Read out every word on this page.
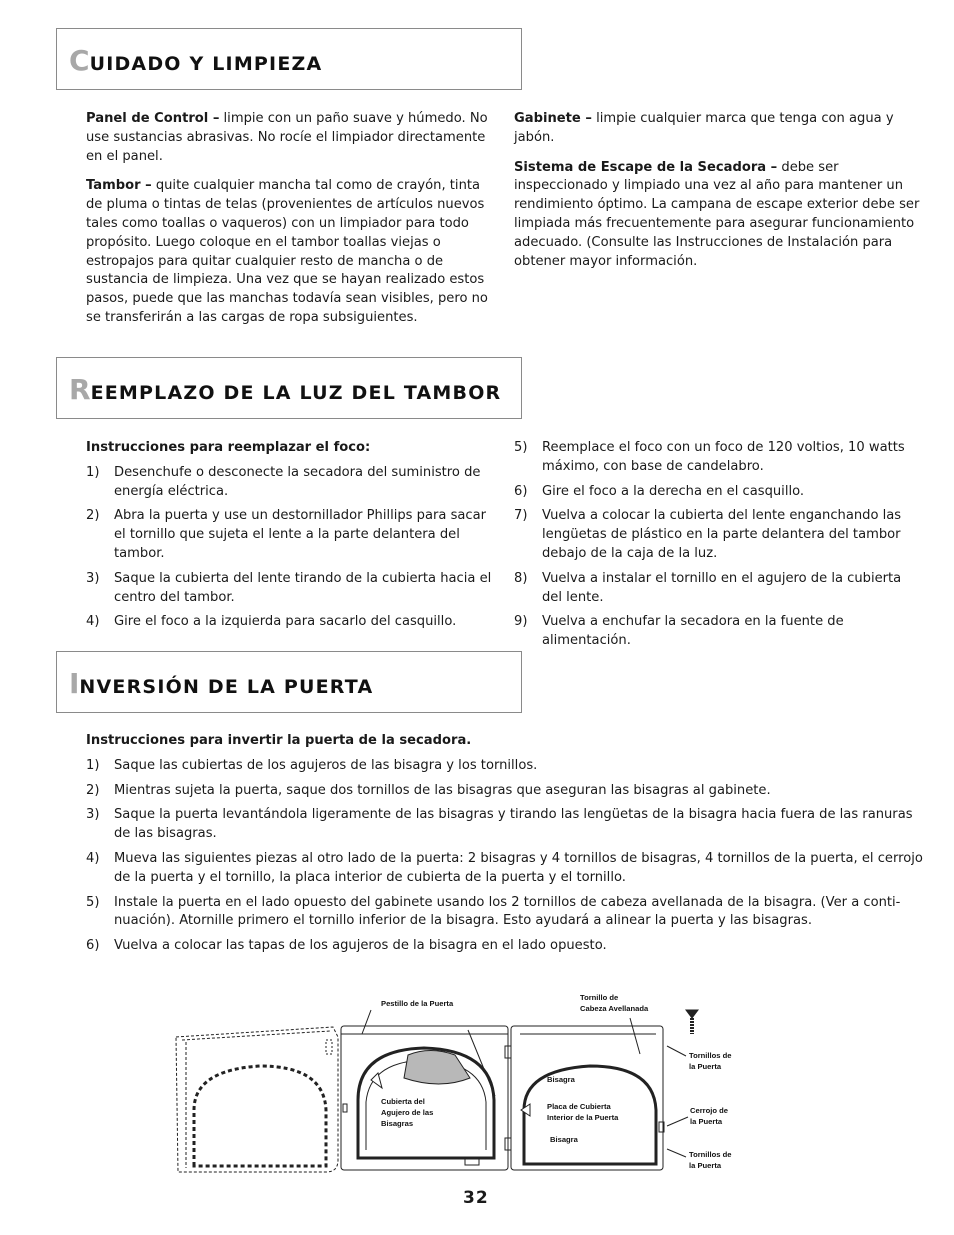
CUIDADO Y LIMPIEZA

Panel de Control – limpie con un paño suave y húmedo. No use sustancias abrasivas. No rocíe el limpiador directamente en el panel.

Tambor – quite cualquier mancha tal como de crayón, tinta de pluma o tintas de telas (provenientes de artículos nuevos tales como toallas o vaqueros) con un limpiador para todo propósito. Luego coloque en el tambor toallas viejas o estropajos para quitar cualquier resto de mancha o de sustancia de limpieza. Una vez que se hayan realizado estos pasos, puede que las manchas todavía sean visibles, pero no se transferirán a las cargas de ropa subsiguientes.

Gabinete – limpie cualquier marca que tenga con agua y jabón.

Sistema de Escape de la Secadora – debe ser inspeccionado y limpiado una vez al año para mantener un rendimiento óptimo. La campana de escape exterior debe ser limpiada más frecuentemente para asegurar funcionamiento adecuado. (Consulte las Instrucciones de Instalación para obtener mayor información.

REEMPLAZO DE LA LUZ DEL TAMBOR
Instrucciones para reemplazar el foco:
1) Desenchufe o desconecte la secadora del suministro de energía eléctrica.
2) Abra la puerta y use un destornillador Phillips para sacar el tornillo que sujeta el lente a la parte delantera del tambor.
3) Saque la cubierta del lente tirando de la cubierta hacia el centro del tambor.
4) Gire el foco a la izquierda para sacarlo del casquillo.
5) Reemplace el foco con un foco de 120 voltios, 10 watts máximo, con base de candelabro.
6) Gire el foco a la derecha en el casquillo.
7) Vuelva a colocar la cubierta del lente enganchando las lengüetas de plástico en la parte delantera del tambor debajo de la caja de la luz.
8) Vuelva a instalar el tornillo en el agujero de la cubierta del lente.
9) Vuelva a enchufar la secadora en la fuente de alimentación.
INVERSIÓN DE LA PUERTA
Instrucciones para invertir la puerta de la secadora.
1) Saque las cubiertas de los agujeros de las bisagra y los tornillos.
2) Mientras sujeta la puerta, saque dos tornillos de las bisagras que aseguran las bisagras al gabinete.
3) Saque la puerta levantándola ligeramente de las bisagras y tirando las lengüetas de la bisagra hacia fuera de las ranuras de las bisagras.
4) Mueva las siguientes piezas al otro lado de la puerta: 2 bisagras y 4 tornillos de bisagras, 4 tornillos de la puerta, el cerrojo de la puerta y el tornillo, la placa interior de cubierta de la puerta y el tornillo.
5) Instale la puerta en el lado opuesto del gabinete usando los 2 tornillos de cabeza avellanada de la bisagra. (Ver a conti-nuación). Atornille primero el tornillo inferior de la bisagra. Esto ayudará a alinear la puerta y las bisagras.
6) Vuelva a colocar las tapas de los agujeros de la bisagra en el lado opuesto.
Pestillo de la Puerta
Tornillo de
Cabeza Avellanada
Cubierta del
Agujero de las
Bisagras
Bisagra
Placa de Cubierta
Interior de la Puerta
Bisagra
Tornillos de
la Puerta
Cerrojo de
la Puerta
Tornillos de
la Puerta
32
